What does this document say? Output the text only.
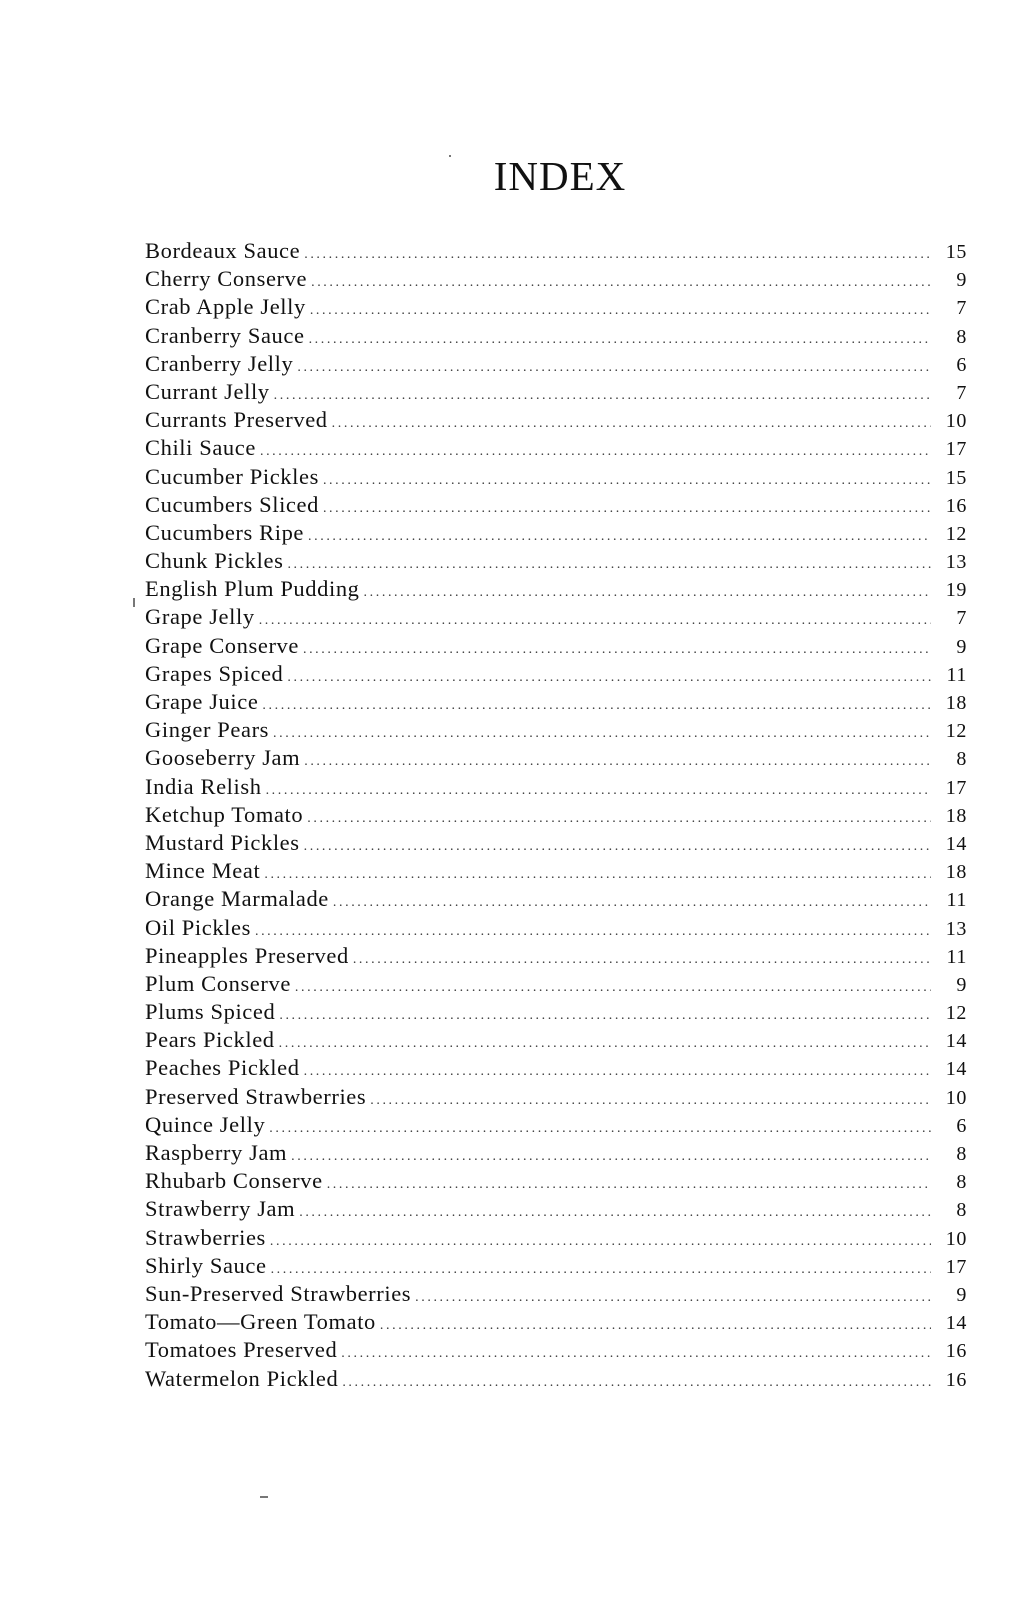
INDEX
Bordeaux Sauce .....	15
Cherry Conserve .....	9
Crab Apple Jelly .....	7
Cranberry Sauce .....	8
Cranberry Jelly .....	6
Currant Jelly .....	7
Currants Preserved .....	10
Chili Sauce .....	17
Cucumber Pickles .....	15
Cucumbers Sliced .....	16
Cucumbers Ripe .....	12
Chunk Pickles .....	13
English Plum Pudding .....	19
Grape Jelly .....	7
Grape Conserve .....	9
Grapes Spiced .....	11
Grape Juice .....	18
Ginger Pears .....	12
Gooseberry Jam .....	8
India Relish .....	17
Ketchup Tomato .....	18
Mustard Pickles .....	14
Mince Meat .....	18
Orange Marmalade .....	11
Oil Pickles .....	13
Pineapples Preserved .....	11
Plum Conserve .....	9
Plums Spiced .....	12
Pears Pickled .....	14
Peaches Pickled .....	14
Preserved Strawberries .....	10
Quince Jelly .....	6
Raspberry Jam .....	8
Rhubarb Conserve .....	8
Strawberry Jam .....	8
Strawberries .....	10
Shirly Sauce .....	17
Sun-Preserved Strawberries .....	9
Tomato—Green Tomato .....	14
Tomatoes Preserved .....	16
Watermelon Pickled .....	16
